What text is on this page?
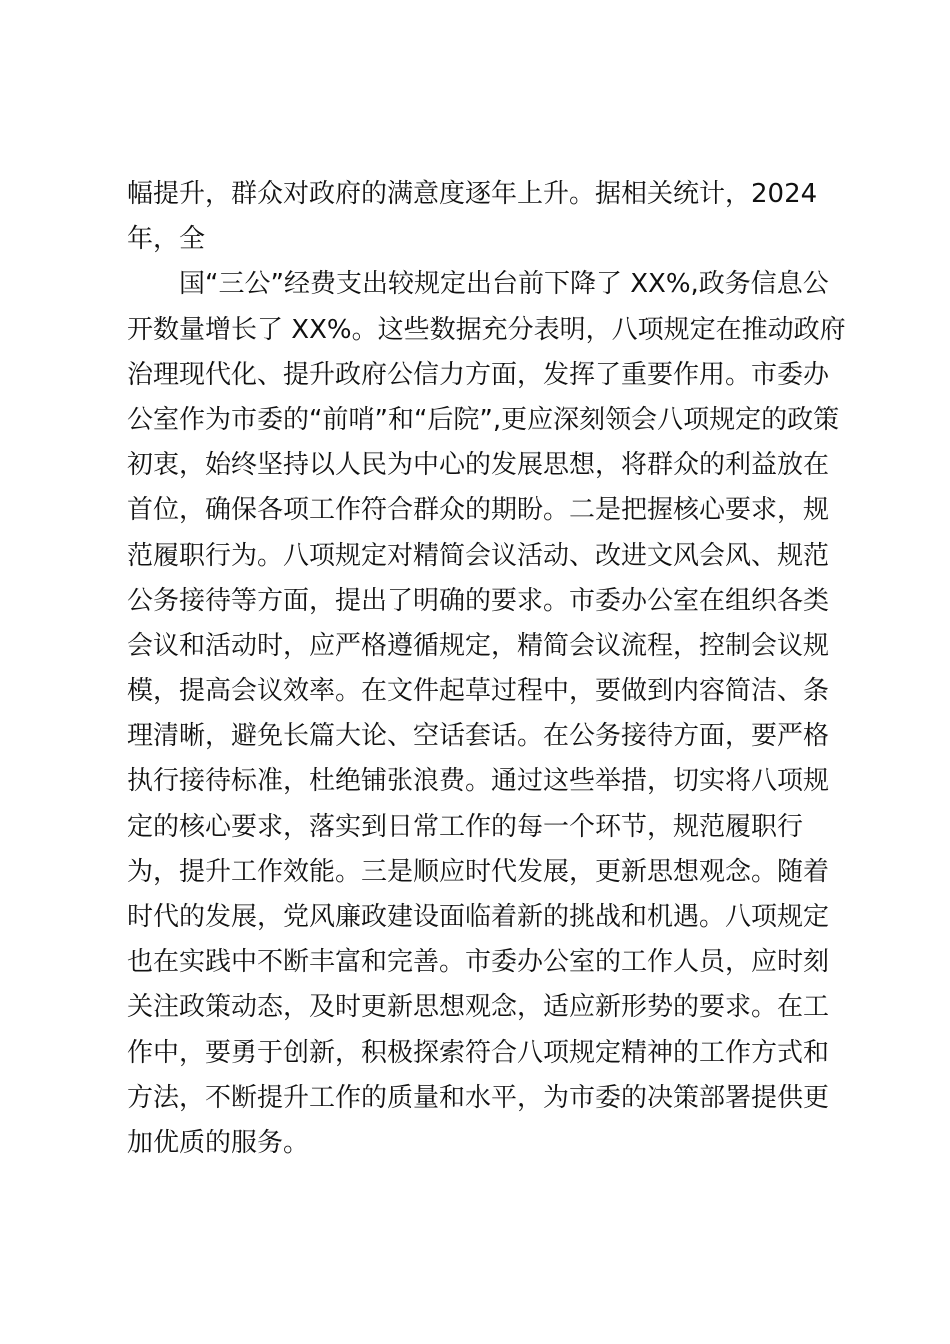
幅提升，群众对政府的满意度逐年上升。据相关统计，2024
年，全
国“三公”经费支出较规定出台前下降了 XX%,政务信息公
开数量增长了 XX%。这些数据充分表明，八项规定在推动政府
治理现代化、提升政府公信力方面，发挥了重要作用。市委办
公室作为市委的“前哨”和“后院”,更应深刻领会八项规定的政策
初衷，始终坚持以人民为中心的发展思想，将群众的利益放在
首位，确保各项工作符合群众的期盼。二是把握核心要求，规
范履职行为。八项规定对精简会议活动、改进文风会风、规范
公务接待等方面，提出了明确的要求。市委办公室在组织各类
会议和活动时，应严格遵循规定，精简会议流程，控制会议规
模，提高会议效率。在文件起草过程中，要做到内容简洁、条
理清晰，避免长篇大论、空话套话。在公务接待方面，要严格
执行接待标准，杜绝铺张浪费。通过这些举措，切实将八项规
定的核心要求，落实到日常工作的每一个环节，规范履职行
为，提升工作效能。三是顺应时代发展，更新思想观念。随着
时代的发展，党风廉政建设面临着新的挑战和机遇。八项规定
也在实践中不断丰富和完善。市委办公室的工作人员，应时刻
关注政策动态，及时更新思想观念，适应新形势的要求。在工
作中，要勇于创新，积极探索符合八项规定精神的工作方式和
方法，不断提升工作的质量和水平，为市委的决策部署提供更
加优质的服务。
